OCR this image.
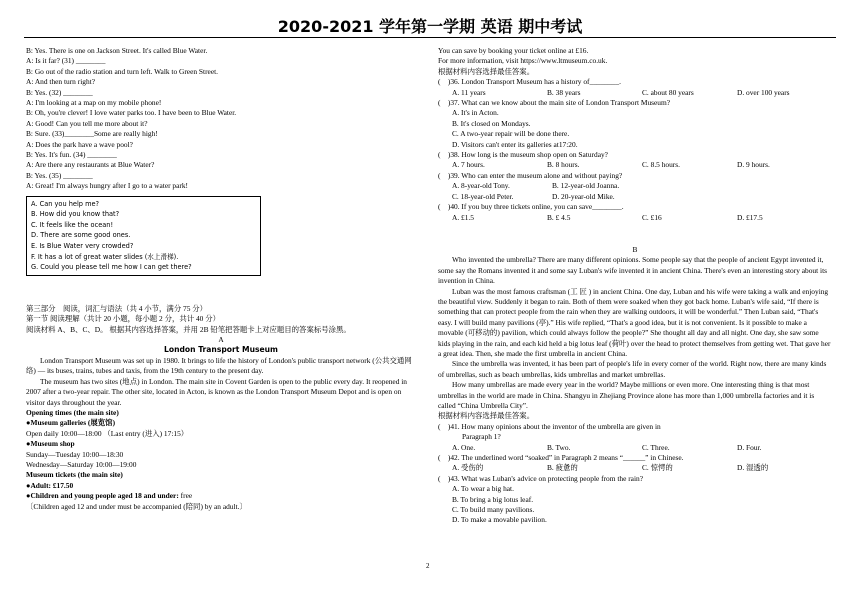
2020-2021 学年第一学期 英语 期中考试
B: Yes. There is one on Jackson Street. It's called Blue Water.
A: Is it far? (31) ________
B: Go out of the radio station and turn left. Walk to Green Street.
A: And then turn right?
B: Yes. (32) ________
A: I'm looking at a map on my mobile phone!
B: Oh, you're clever! I love water parks too. I have been to Blue Water.
A: Good! Can you tell me more about it?
B: Sure. (33)________Some are really high!
A: Does the park have a wave pool?
B: Yes. It's fun. (34) ________
A: Are there any restaurants at Blue Water?
B: Yes. (35) ________
A: Great! I'm always hungry after I go to a water park!
A. Can you help me?
B. How did you know that?
C. It feels like the ocean!
D. There are some good ones.
E. Is Blue Water very crowded?
F. It has a lot of great water slides (水上滑梯).
G. Could you please tell me how I can get there?
第三部分　阅读，词汇与语法（共 4 小节，满分 75 分）
第一节 阅读理解（共计 20 小题，每小题 2 分，共计 40 分）
阅读材料 A、B、C、D。 根据其内容选择答案，并用 2B 铅笔把答题卡上对应题目的答案标号涂黑。
A
London Transport Museum
London Transport Museum was set up in 1980. It brings to life the history of London's public transport network (公共交通网络) — its buses, trains, tubes and taxis, from the 19th century to the present day.
The museum has two sites (地点) in London. The main site in Covent Garden is open to the public every day. It reopened in 2007 after a two-year repair. The other site, located in Acton, is known as the London Transport Museum Depot and is open on visitor days throughout the year.
Opening times (the main site)
●Museum galleries (展览馆)
Open daily 10:00—18:00 （Last entry (进入) 17:15）
●Museum shop
Sunday—Tuesday 10:00—18:30
Wednesday—Saturday 10:00—19:00
Museum tickets (the main site)
●Adult: £17.50
●Children and young people aged 18 and under: free
〔Children aged 12 and under must be accompanied (陪同) by an adult.〕
You can save by booking your ticket online at £16.
For more information, visit https://www.ltmuseum.co.uk.
根据材料内容选择最佳答案。
(　)36. London Transport Museum has a history of________.
A. 11 years	B. 38 years	C. about 80 years	D. over 100 years
(　)37. What can we know about the main site of London Transport Museum?
A. It's in Acton.
B. It's closed on Mondays.
C. A two-year repair will be done there.
D. Visitors can't enter its galleries at17:20.
(　)38. How long is the museum shop open on Saturday?
A. 7 hours.	B. 8 hours.	C. 8.5 hours.	D. 9 hours.
(　)39. Who can enter the museum alone and without paying?
A. 8-year-old Tony.	B. 12-year-old Joanna.
C. 18-year-old Peter.	D. 20-year-old Mike.
(　)40. If you buy three tickets online, you can save________.
A. £1.5	B. £ 4.5	C. £16	D. £17.5
B
Who invented the umbrella? There are many different opinions. Some people say that the people of ancient Egypt invented it, some say the Romans invented it and some say Luban's wife invented it in ancient China. There's even an interesting story about its invention in China.
Luban was the most famous craftsman (工 匠 ) in ancient China. One day, Luban and his wife were taking a walk and enjoying the beautiful view. Suddenly it began to rain. Both of them were soaked when they got back home. Luban's wife said, “If there is something that can protect people from the rain when they are walking outdoors, it will be wonderful.” Then Luban said, “That's easy. I will build many pavilions (亭).” His wife replied, “That's a good idea, but it is not convenient. Is it possible to make a movable (可移动的) pavilion, which could always follow the people?” She thought all day and all night. One day, she saw some kids playing in the rain, and each kid held a big lotus leaf (荷叶) over the head to protect themselves from getting wet. That gave her a great idea. Then, she made the first umbrella in ancient China.
Since the umbrella was invented, it has been part of people's life in every corner of the world. Right now, there are many kinds of umbrellas, such as beach umbrellas, kids umbrellas and market umbrellas.
How many umbrellas are made every year in the world? Maybe millions or even more. One interesting thing is that most umbrellas in the world are made in China. Shangyu in Zhejiang Province alone has more than 1,000 umbrella factories and it is called “China Umbrella City”.
根据材料内容选择最佳答案。
(　)41. How many opinions about the inventor of the umbrella are given in
Paragraph 1?
A. One.	B. Two.	C. Three.	D. Four.
(　)42. The underlined word “soaked” in Paragraph 2 means “______” in Chinese.
A. 受伤的	B. 疲惫的	C. 惊愕的	D. 湿透的
(　)43. What was Luban's advice on protecting people from the rain?
A. To wear a big hat.
B. To bring a big lotus leaf.
C. To build many pavilions.
D. To make a movable pavilion.
2
